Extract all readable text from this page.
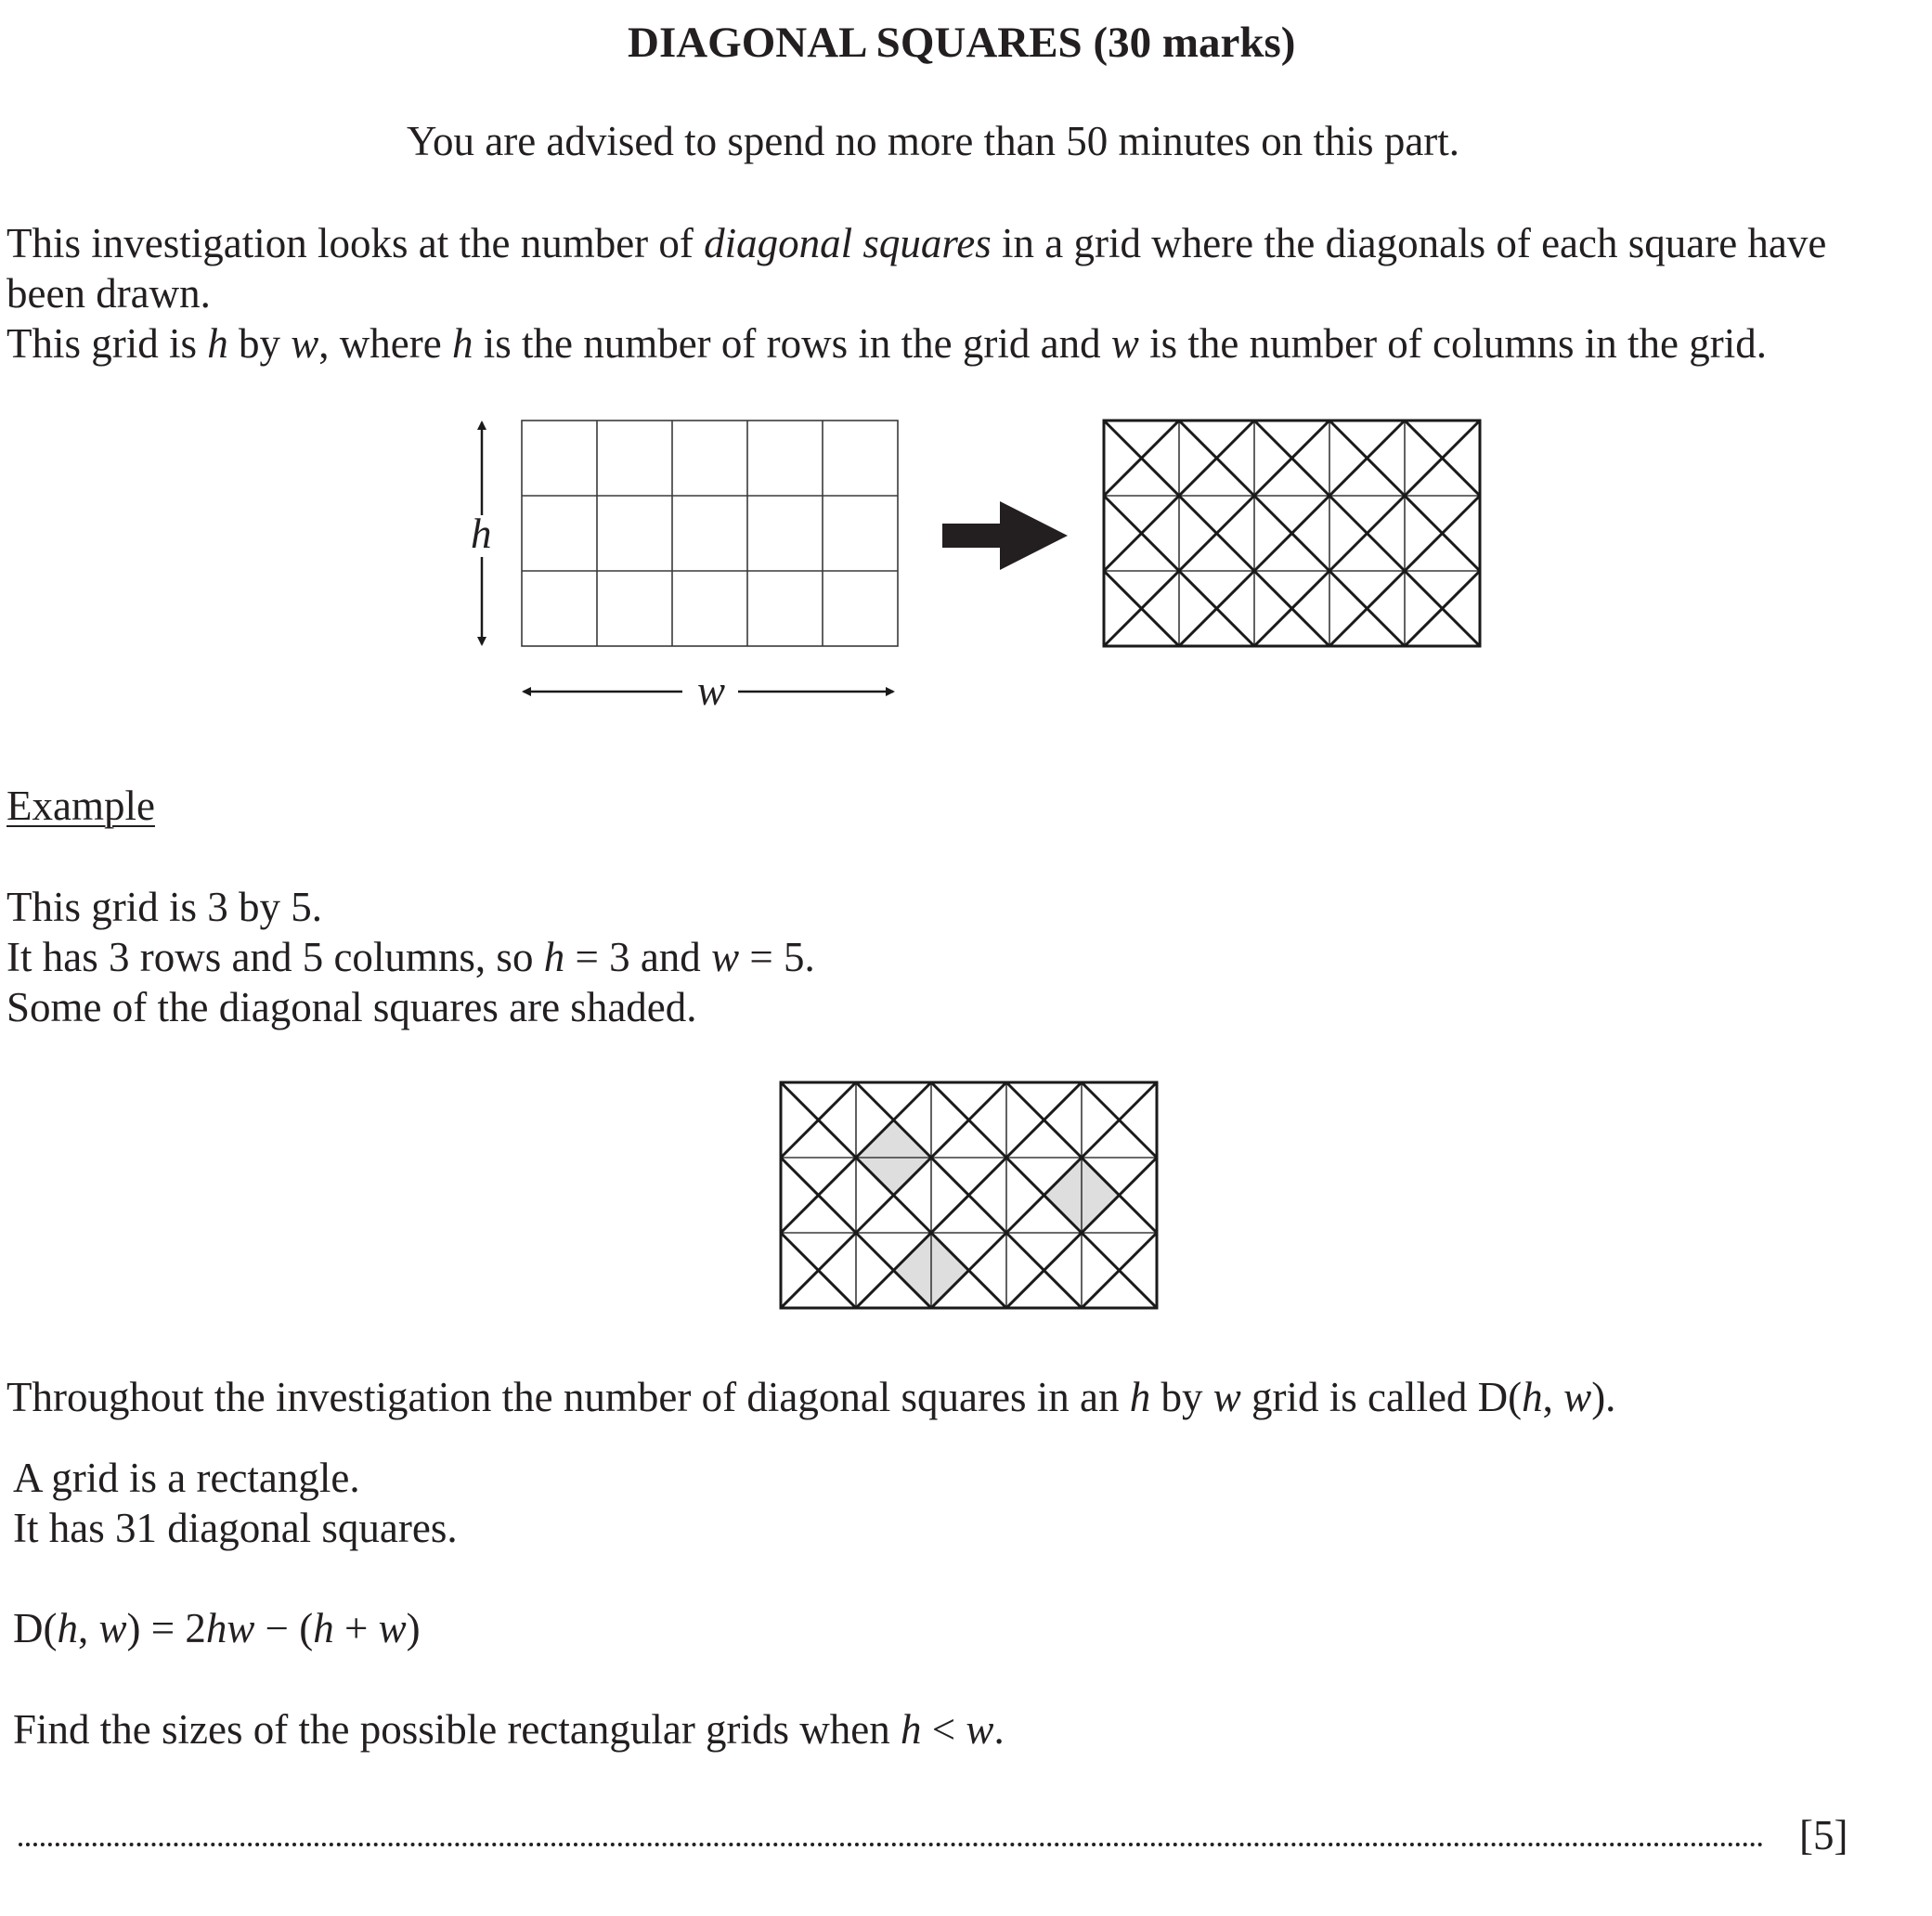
DIAGONAL SQUARES (30 marks)
You are advised to spend no more than 50 minutes on this part.
This investigation looks at the number of diagonal squares in a grid where the diagonals of each square have
been drawn.
This grid is h by w, where h is the number of rows in the grid and w is the number of columns in the grid.
h
w
Example
This grid is 3 by 5.
It has 3 rows and 5 columns, so h = 3 and w = 5.
Some of the diagonal squares are shaded.
Throughout the investigation the number of diagonal squares in an h by w grid is called D(h, w).
A grid is a rectangle.
It has 31 diagonal squares.
D(h, w) = 2hw − (h + w)
Find the sizes of the possible rectangular grids when h < w.
[5]
